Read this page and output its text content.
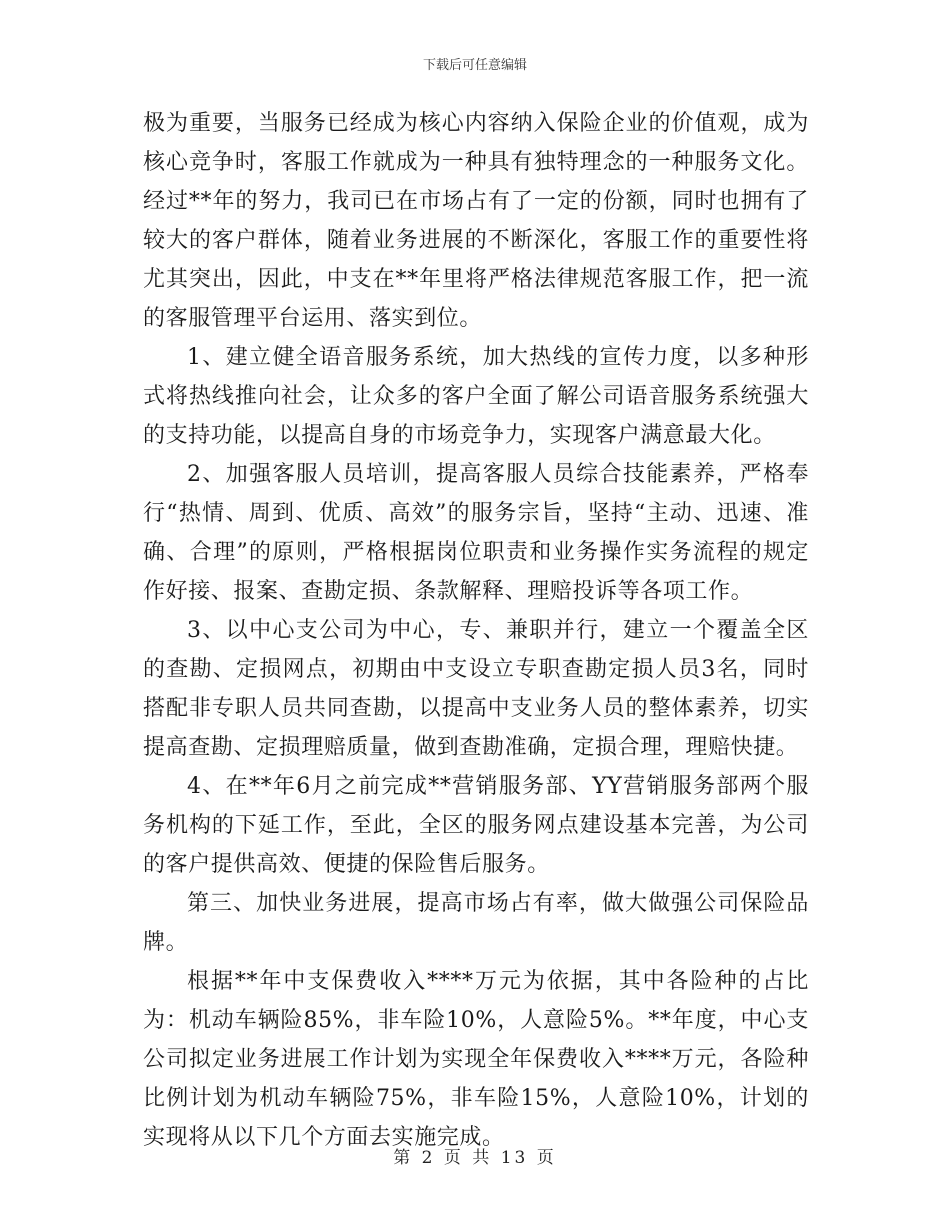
下载后可任意编辑

极为重要，当服务已经成为核心内容纳入保险企业的价值观，成为核心竞争时，客服工作就成为一种具有独特理念的一种服务文化。经过**年的努力，我司已在市场占有了一定的份额，同时也拥有了较大的客户群体，随着业务进展的不断深化，客服工作的重要性将尤其突出，因此，中支在**年里将严格法律规范客服工作，把一流的客服管理平台运用、落实到位。

1、建立健全语音服务系统，加大热线的宣传力度，以多种形式将热线推向社会，让众多的客户全面了解公司语音服务系统强大的支持功能，以提高自身的市场竞争力，实现客户满意最大化。

2、加强客服人员培训，提高客服人员综合技能素养，严格奉行“热情、周到、优质、高效”的服务宗旨，坚持“主动、迅速、准确、合理”的原则，严格根据岗位职责和业务操作实务流程的规定作好接、报案、查勘定损、条款解释、理赔投诉等各项工作。

3、以中心支公司为中心，专、兼职并行，建立一个覆盖全区的查勘、定损网点，初期由中支设立专职查勘定损人员3名，同时搭配非专职人员共同查勘，以提高中支业务人员的整体素养，切实提高查勘、定损理赔质量，做到查勘准确，定损合理，理赔快捷。

4、在**年6月之前完成**营销服务部、YY营销服务部两个服务机构的下延工作，至此，全区的服务网点建设基本完善，为公司的客户提供高效、便捷的保险售后服务。

第三、加快业务进展，提高市场占有率，做大做强公司保险品牌。

根据**年中支保费收入****万元为依据，其中各险种的占比为：机动车辆险85%，非车险10%，人意险5%。**年度，中心支公司拟定业务进展工作计划为实现全年保费收入****万元，各险种比例计划为机动车辆险75%，非车险15%，人意险10%，计划的实现将从以下几个方面去实施完成。

第 2 页 共 13 页
